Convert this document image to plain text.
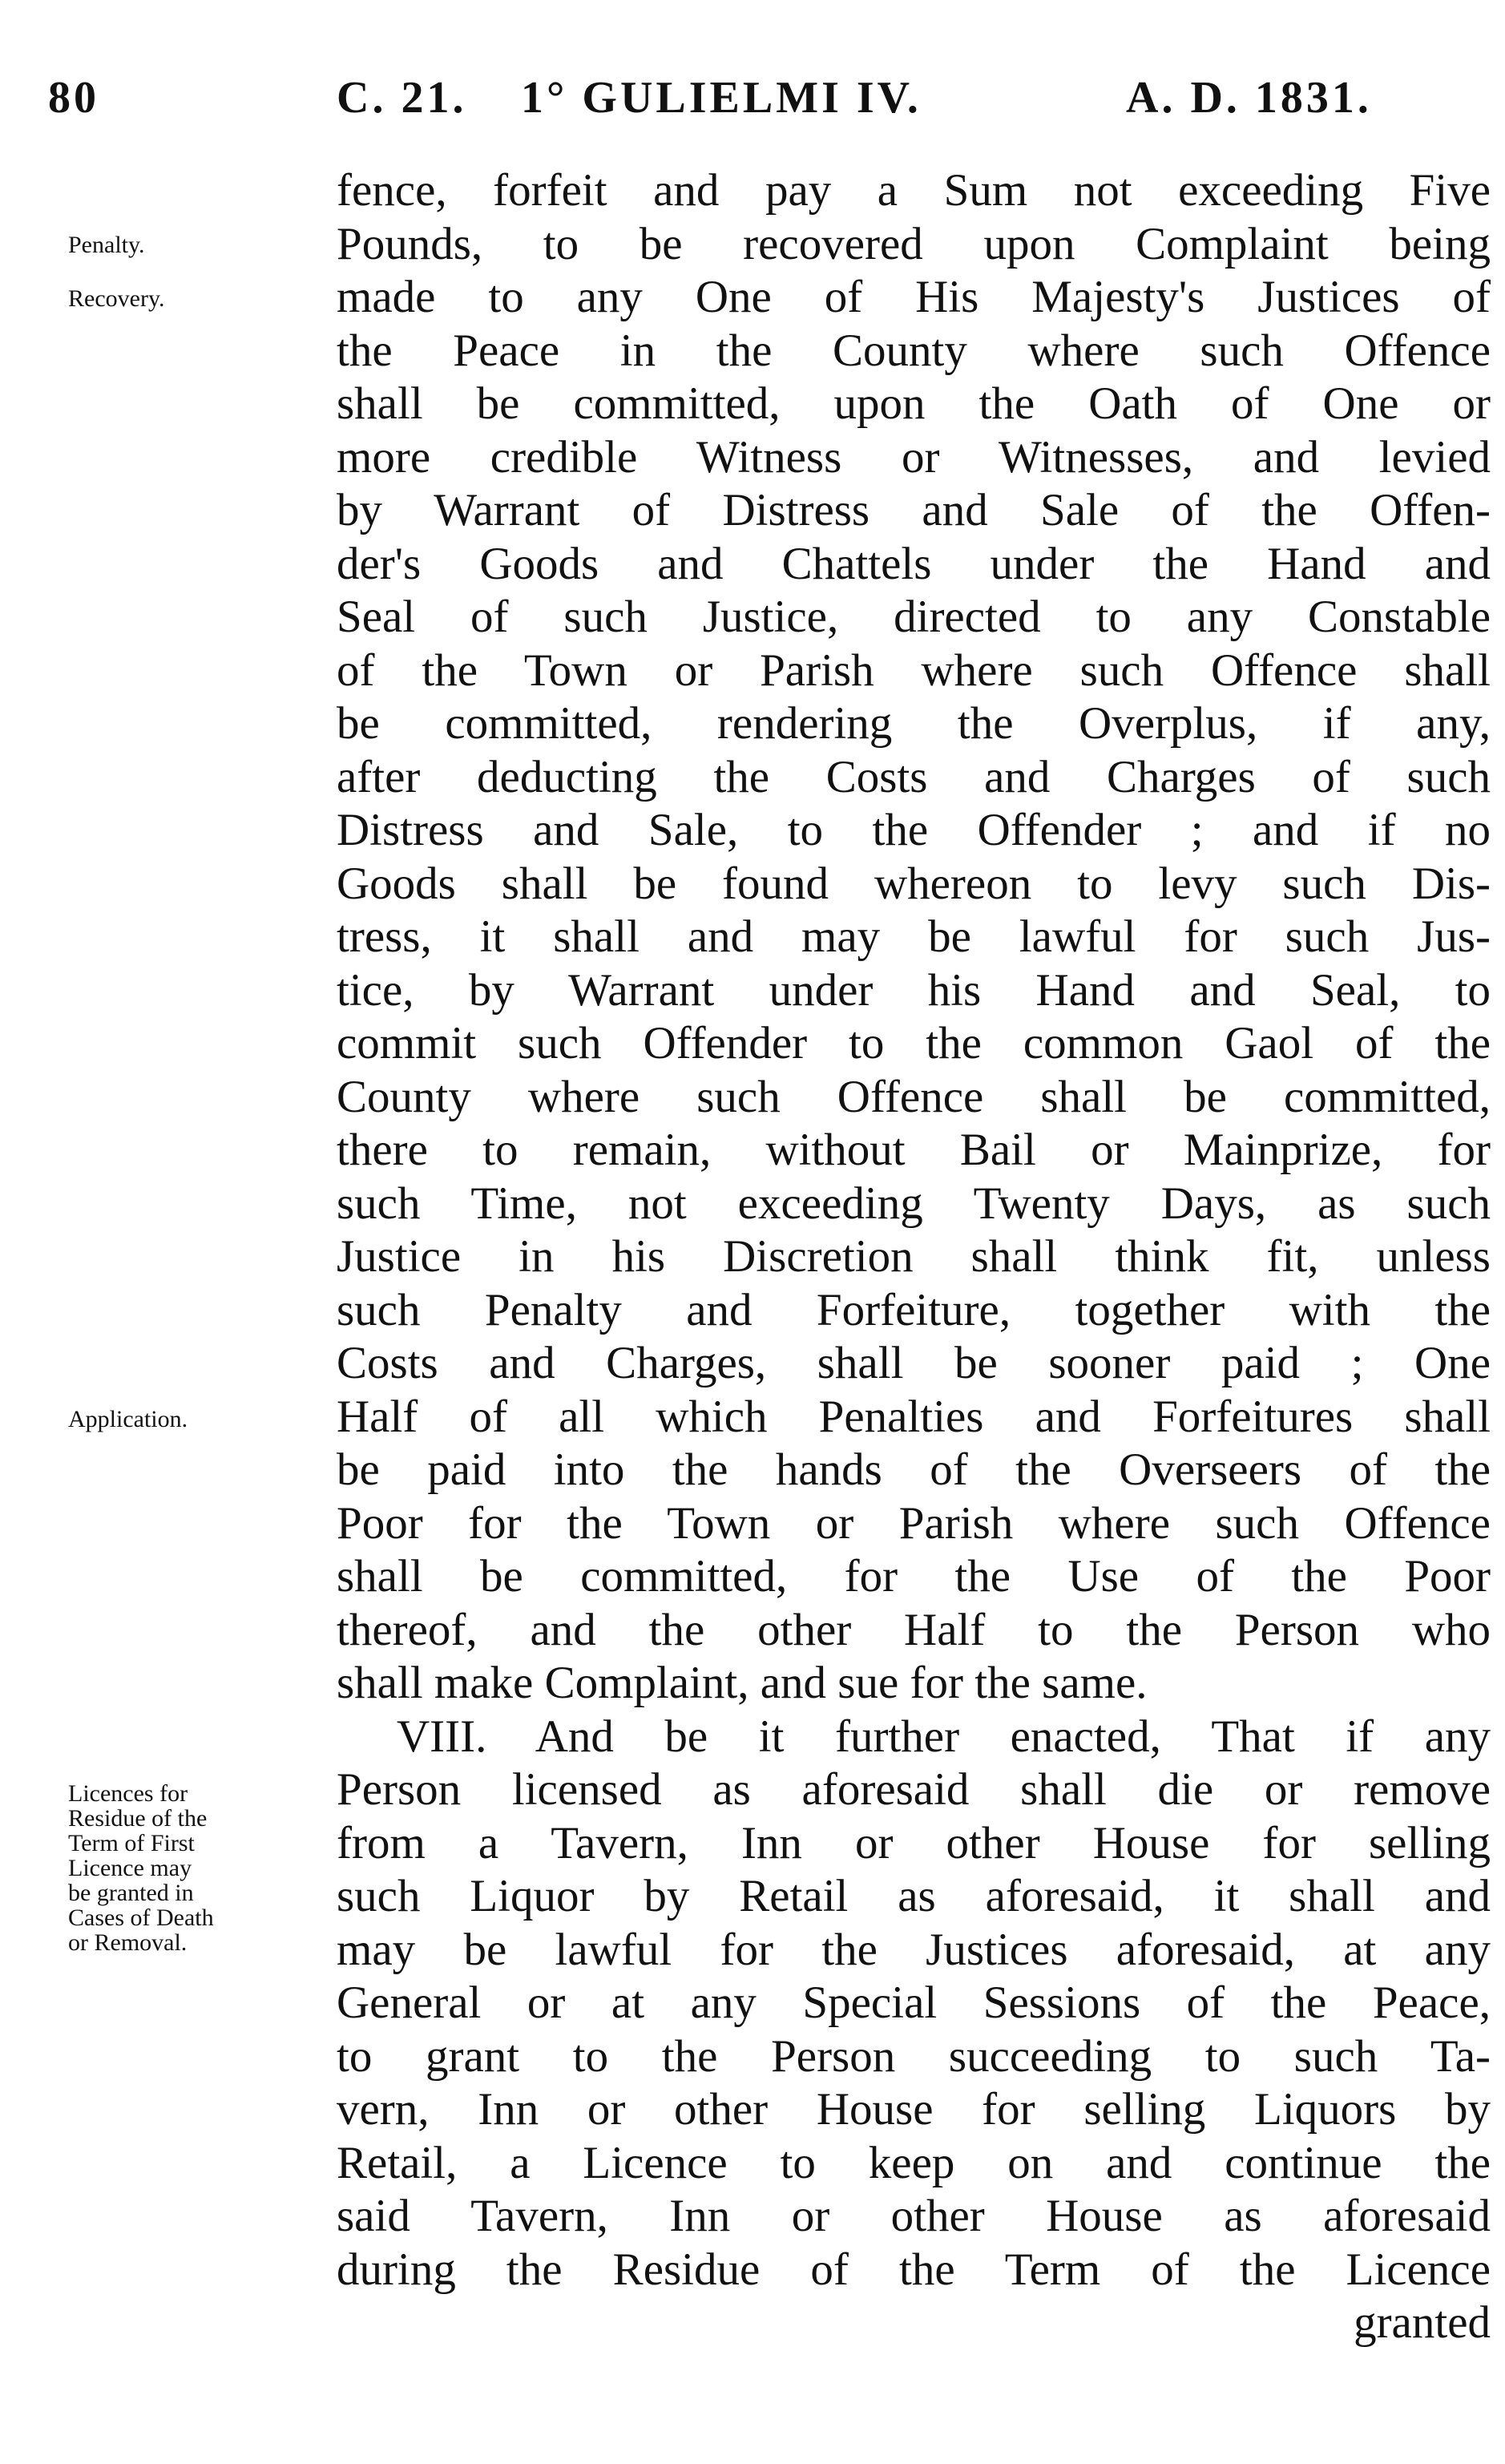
80	C. 21. 1° GULIELMI IV.	A. D. 1831.
Penalty.
Recovery.
Application.
Licences for
Residue of the
Term of First
Licence may
be granted in
Cases of Death
or Removal.
fence, forfeit and pay a Sum not exceeding Five
Pounds, to be recovered upon Complaint being
made to any One of His Majesty's Justices of
the Peace in the County where such Offence
shall be committed, upon the Oath of One or
more credible Witness or Witnesses, and levied
by Warrant of Distress and Sale of the Offen-
der's Goods and Chattels under the Hand and
Seal of such Justice, directed to any Constable
of the Town or Parish where such Offence shall
be committed, rendering the Overplus, if any,
after deducting the Costs and Charges of such
Distress and Sale, to the Offender ; and if no
Goods shall be found whereon to levy such Dis-
tress, it shall and may be lawful for such Jus-
tice, by Warrant under his Hand and Seal, to
commit such Offender to the common Gaol of the
County where such Offence shall be committed,
there to remain, without Bail or Mainprize, for
such Time, not exceeding Twenty Days, as such
Justice in his Discretion shall think fit, unless
such Penalty and Forfeiture, together with the
Costs and Charges, shall be sooner paid ; One
Half of all which Penalties and Forfeitures shall
be paid into the hands of the Overseers of the
Poor for the Town or Parish where such Offence
shall be committed, for the Use of the Poor
thereof, and the other Half to the Person who
shall make Complaint, and sue for the same.
VIII. And be it further enacted, That if any
Person licensed as aforesaid shall die or remove
from a Tavern, Inn or other House for selling
such Liquor by Retail as aforesaid, it shall and
may be lawful for the Justices aforesaid, at any
General or at any Special Sessions of the Peace,
to grant to the Person succeeding to such Ta-
vern, Inn or other House for selling Liquors by
Retail, a Licence to keep on and continue the
said Tavern, Inn or other House as aforesaid
during the Residue of the Term of the Licence
granted
